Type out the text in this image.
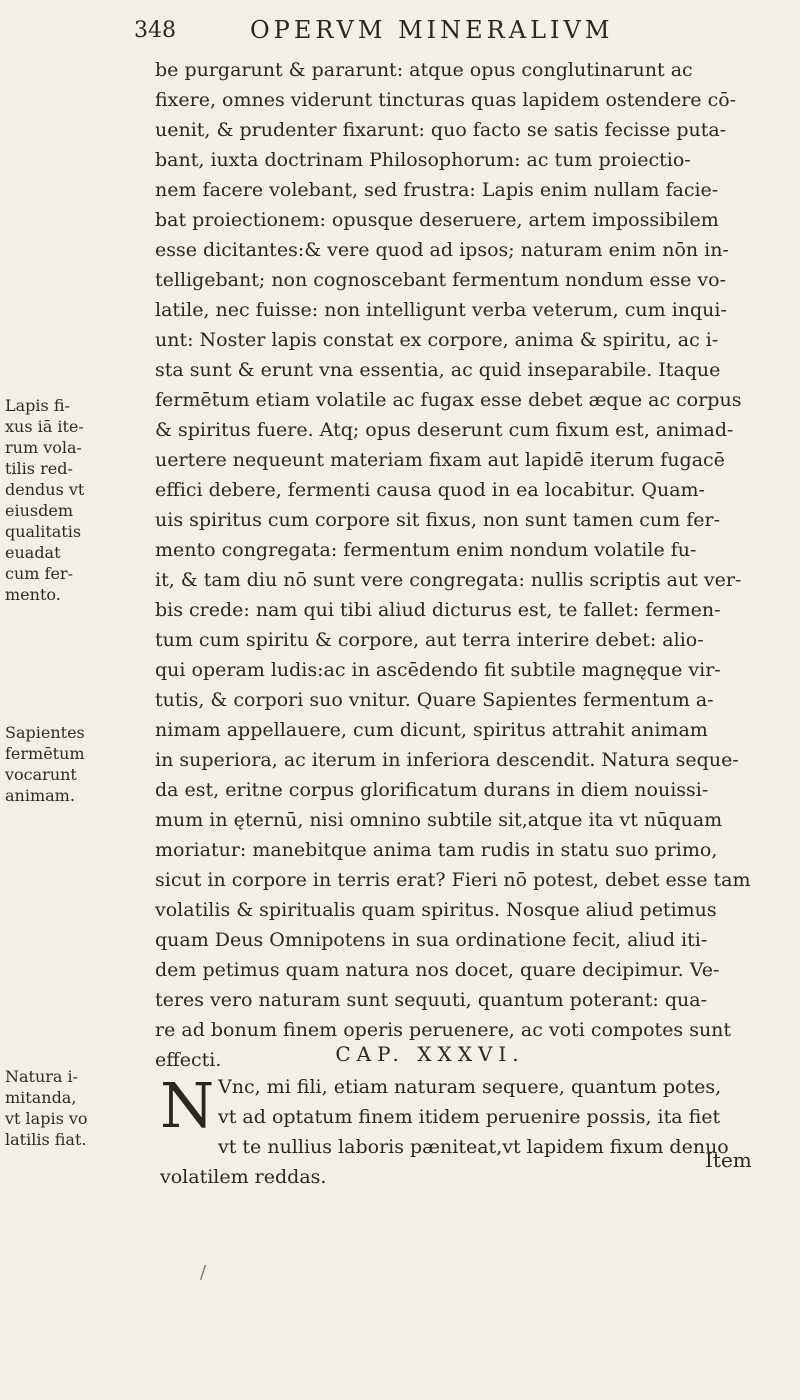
348	OPERVM MINERALIVM
be purgarunt & pararunt: atque opus conglutinarunt ac
fixere, omnes viderunt tincturas quas lapidem ostendere cō-
uenit, & prudenter fixarunt: quo facto se satis fecisse puta-
bant, iuxta doctrinam Philosophorum: ac tum proiectio-
nem facere volebant, sed frustra: Lapis enim nullam facie-
bat proiectionem: opusque deseruere, artem impossibilem
esse dicitantes:& vere quod ad ipsos; naturam enim nōn in-
telligebant; non cognoscebant fermentum nondum esse vo-
latile, nec fuisse: non intelligunt verba veterum, cum inqui-
unt: Noster lapis constat ex corpore, anima & spiritu, ac i-
sta sunt & erunt vna essentia, ac quid inseparabile. Itaque
fermētum etiam volatile ac fugax esse debet æque ac corpus
& spiritus fuere. Atq; opus deserunt cum fixum est, animad-
uertere nequeunt materiam fixam aut lapidē iterum fugacē
effici debere, fermenti causa quod in ea locabitur. Quam-
uis spiritus cum corpore sit fixus, non sunt tamen cum fer-
mento congregata: fermentum enim nondum volatile fu-
it, & tam diu nō sunt vere congregata: nullis scriptis aut ver-
bis crede: nam qui tibi aliud dicturus est, te fallet: fermen-
tum cum spiritu & corpore, aut terra interire debet: alio-
qui operam ludis:ac in ascēdendo fit subtile magnęque vir-
tutis, & corpori suo vnitur. Quare Sapientes fermentum a-
nimam appellauere, cum dicunt, spiritus attrahit animam
in superiora, ac iterum in inferiora descendit. Natura seque-
da est, eritne corpus glorificatum durans in diem nouissi-
mum in ęternū, nisi omnino subtile sit,atque ita vt nūquam
moriatur: manebitque anima tam rudis in statu suo primo,
sicut in corpore in terris erat? Fieri nō potest, debet esse tam
volatilis & spiritualis quam spiritus. Nosque aliud petimus
quam Deus Omnipotens in sua ordinatione fecit, aliud iti-
dem petimus quam natura nos docet, quare decipimur. Ve-
teres vero naturam sunt sequuti, quantum poterant: qua-
re ad bonum finem operis peruenere, ac voti compotes sunt
effecti.
Lapis fi-
xus iā ite-
rum vola-
tilis red-
dendus vt
eiusdem
qualitatis
euadat
cum fer-
mento.
Sapientes
fermētum
vocarunt
animam.
Natura i-
mitanda,
vt lapis vo
latilis fiat.
CAP. XXXVI.
N Vnc, mi fili, etiam naturam sequere, quantum potes,
vt ad optatum finem itidem peruenire possis, ita fiet
vt te nullius laboris pæniteat,vt lapidem fixum denuo
volatilem reddas.
Item
/
